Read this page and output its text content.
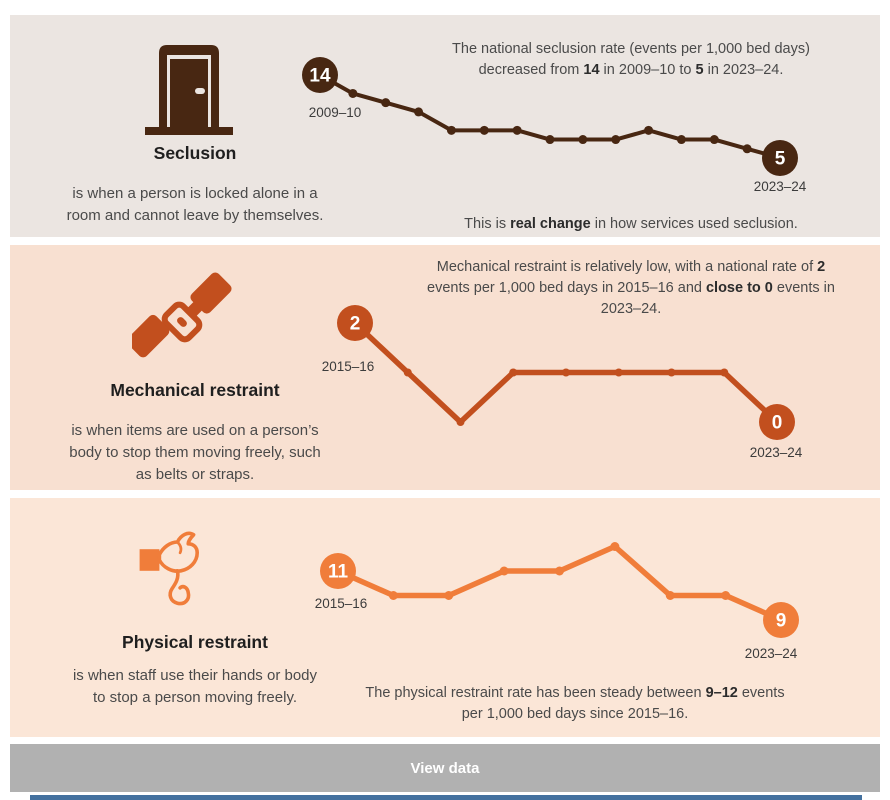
14
5
2009–10
2023–24
Seclusion

is when a person is locked alone in a
room and cannot leave by themselves.

The national seclusion rate (events per 1,000 bed days)
decreased from 14 in 2009–10 to 5 in 2023–24.

This is real change in how services used seclusion.

2
0
2015–16
2023–24
Mechanical restraint

is when items are used on a person’s
body to stop them moving freely, such
as belts or straps.

Mechanical restraint is relatively low, with a national rate of 2
events per 1,000 bed days in 2015–16 and close to 0 events in
2023–24.

11
9
2015–16
2023–24
Physical restraint

is when staff use their hands or body
to stop a person moving freely.	The physical restraint rate has been steady between 9–12 events
per 1,000 bed days since 2015–16.

View data
